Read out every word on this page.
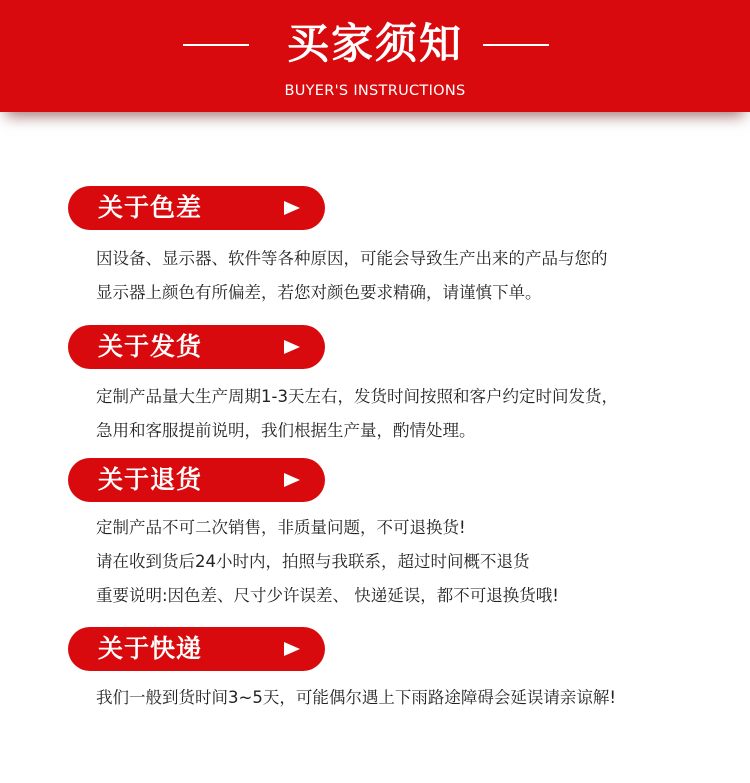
买家须知
BUYER'S INSTRUCTIONS
关于色差
因设备、显示器、软件等各种原因，可能会导致生产出来的产品与您的
显示器上颜色有所偏差，若您对颜色要求精确，请谨慎下单。
关于发货
定制产品量大生产周期1-3天左右，发货时间按照和客户约定时间发货，
急用和客服提前说明，我们根据生产量，酌情处理。
关于退货
定制产品不可二次销售，非质量问题，不可退换货!
请在收到货后24小时内，拍照与我联系，超过时间概不退货
重要说明:因色差、尺寸少许误差、 快递延误，都不可退换货哦!
关于快递
我们一般到货时间3~5天，可能偶尔遇上下雨路途障碍会延误请亲谅解!
